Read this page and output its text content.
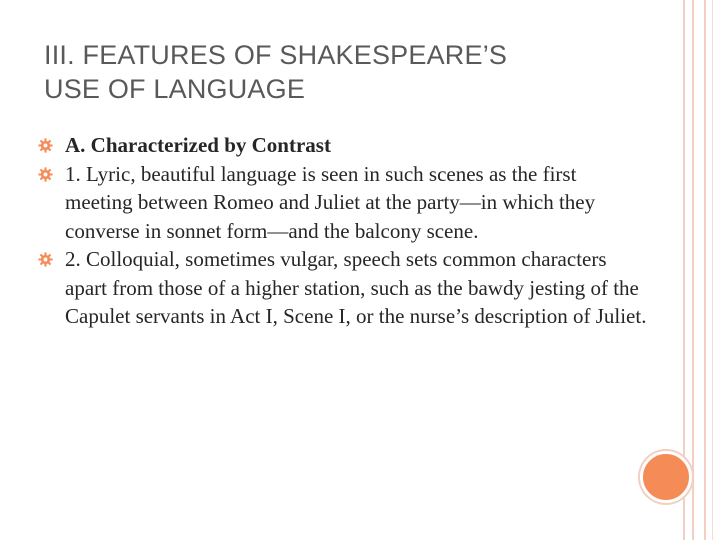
III. FEATURES OF SHAKESPEARE’S
USE OF LANGUAGE
A. Characterized by Contrast
1. Lyric, beautiful language is seen in such scenes as the first meeting between Romeo and Juliet at the party—in which they converse in sonnet form—and the balcony scene.
2. Colloquial, sometimes vulgar, speech sets common characters apart from those of a higher station, such as the bawdy jesting of the Capulet servants in Act I, Scene I, or the nurse’s description of Juliet.
